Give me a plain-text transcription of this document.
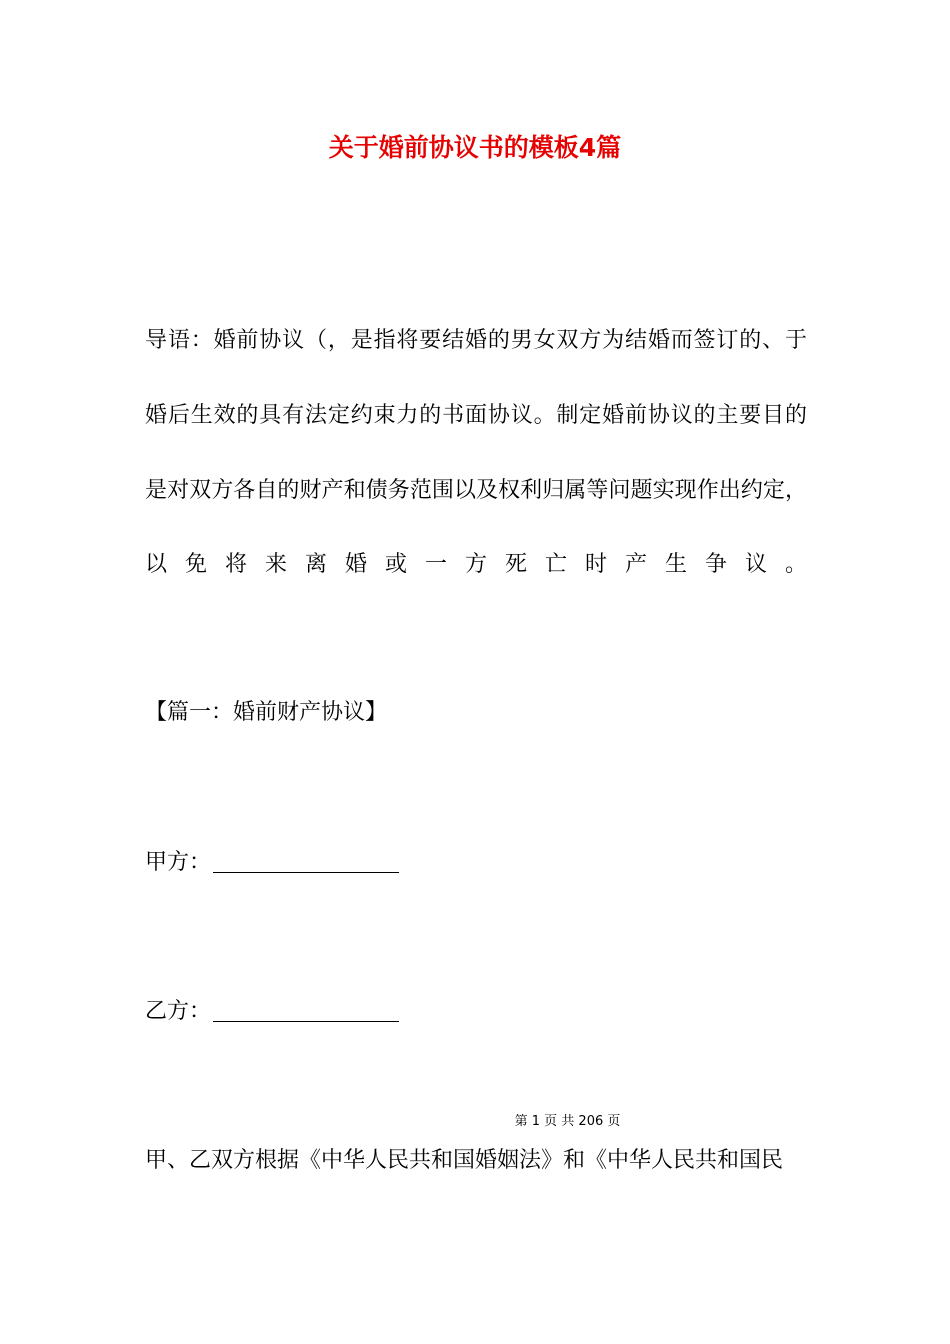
关于婚前协议书的模板4篇
导语：婚前协议（，是指将要结婚的男女双方为结婚而签订的、于
婚后生效的具有法定约束力的书面协议。制定婚前协议的主要目的
是对双方各自的财产和债务范围以及权利归属等问题实现作出约定，
以免将来离婚或一方死亡时产生争议。
【篇一：婚前财产协议】
甲方：
乙方：
第 1 页 共 206 页
甲、乙双方根据《中华人民共和国婚姻法》和《中华人民共和国民
